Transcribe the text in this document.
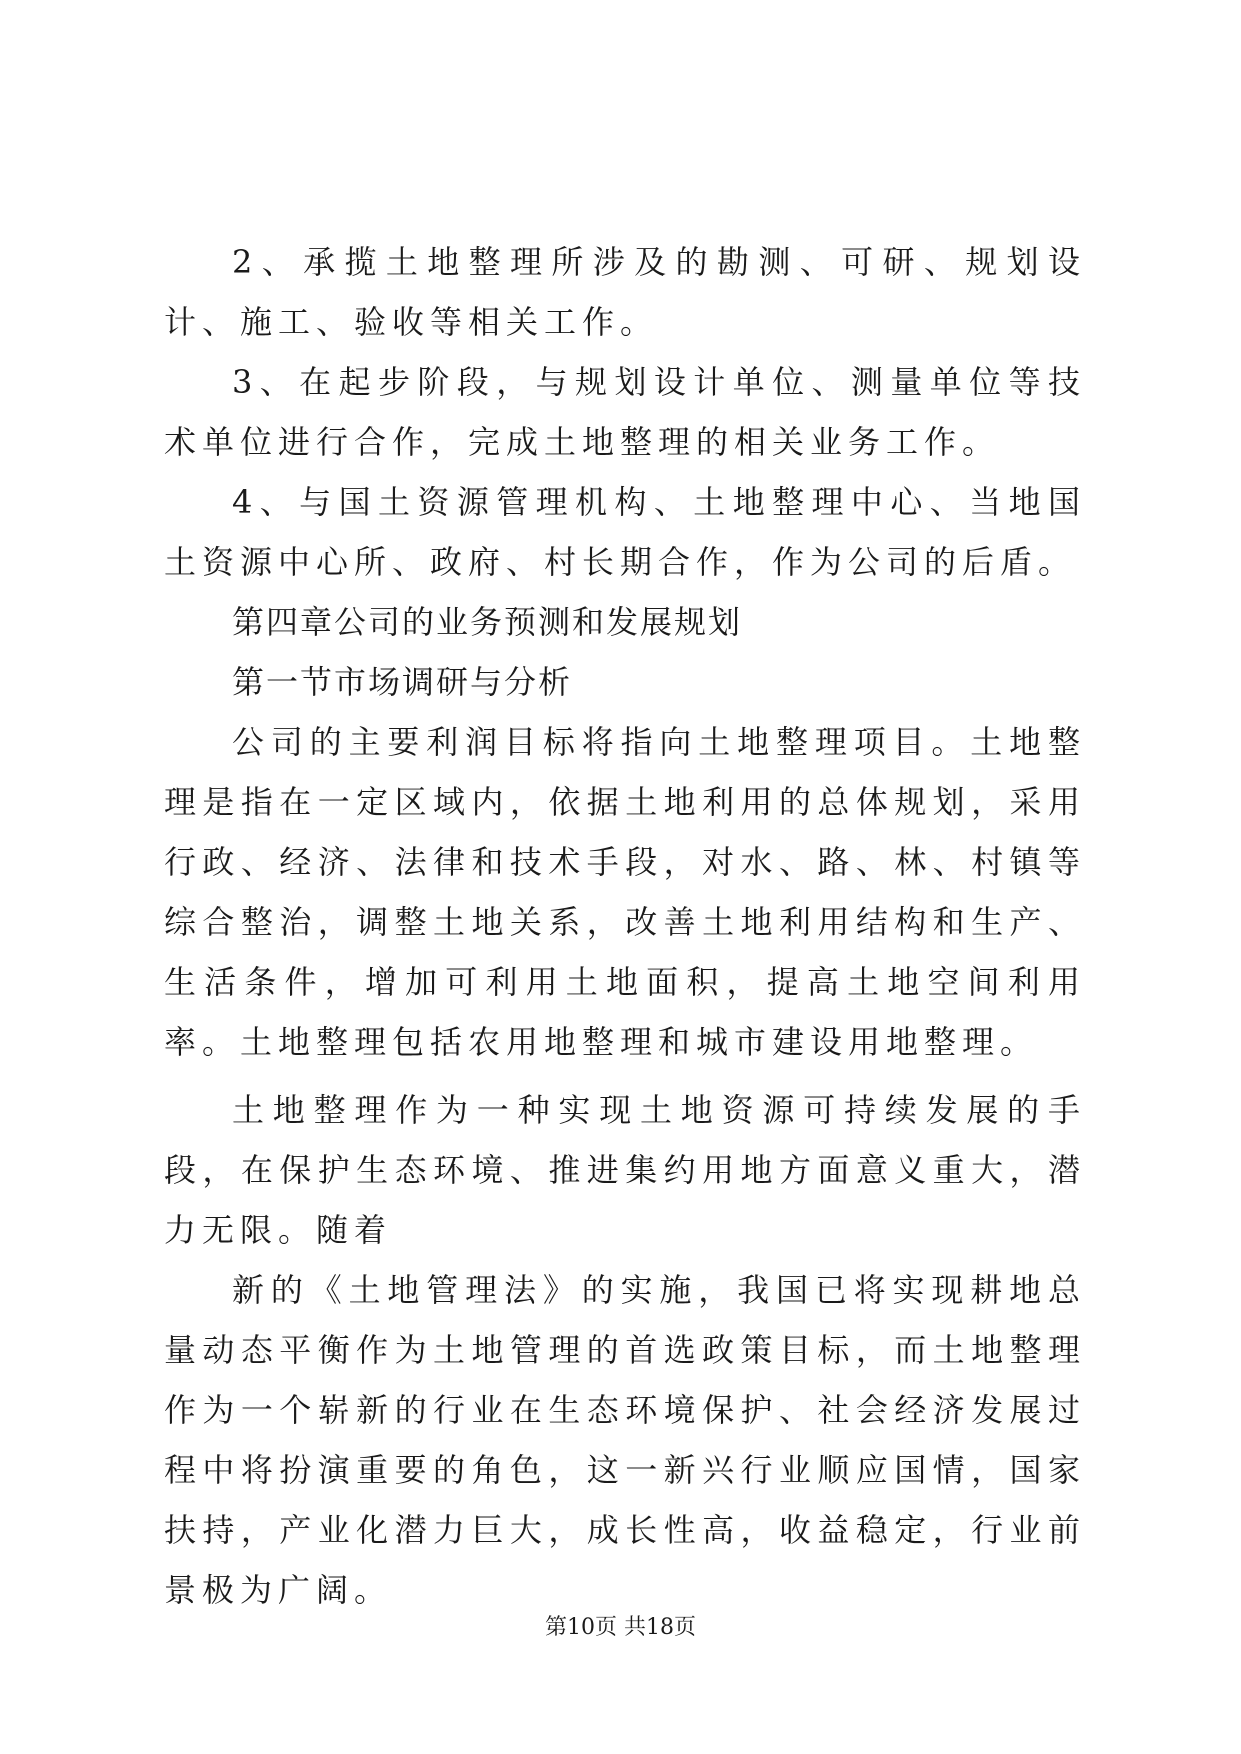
2、承揽土地整理所涉及的勘测、可研、规划设计、施工、验收等相关工作。

3、在起步阶段，与规划设计单位、测量单位等技术单位进行合作，完成土地整理的相关业务工作。

4、与国土资源管理机构、土地整理中心、当地国土资源中心所、政府、村长期合作，作为公司的后盾。

第四章公司的业务预测和发展规划

第一节市场调研与分析

公司的主要利润目标将指向土地整理项目。土地整理是指在一定区域内，依据土地利用的总体规划，采用行政、经济、法律和技术手段，对水、路、林、村镇等综合整治，调整土地关系，改善土地利用结构和生产、生活条件，增加可利用土地面积，提高土地空间利用率。土地整理包括农用地整理和城市建设用地整理。

土地整理作为一种实现土地资源可持续发展的手段，在保护生态环境、推进集约用地方面意义重大，潜力无限。随着

新的《土地管理法》的实施，我国已将实现耕地总量动态平衡作为土地管理的首选政策目标，而土地整理作为一个崭新的行业在生态环境保护、社会经济发展过程中将扮演重要的角色，这一新兴行业顺应国情，国家扶持，产业化潜力巨大，成长性高，收益稳定，行业前景极为广阔。

第10页 共18页
